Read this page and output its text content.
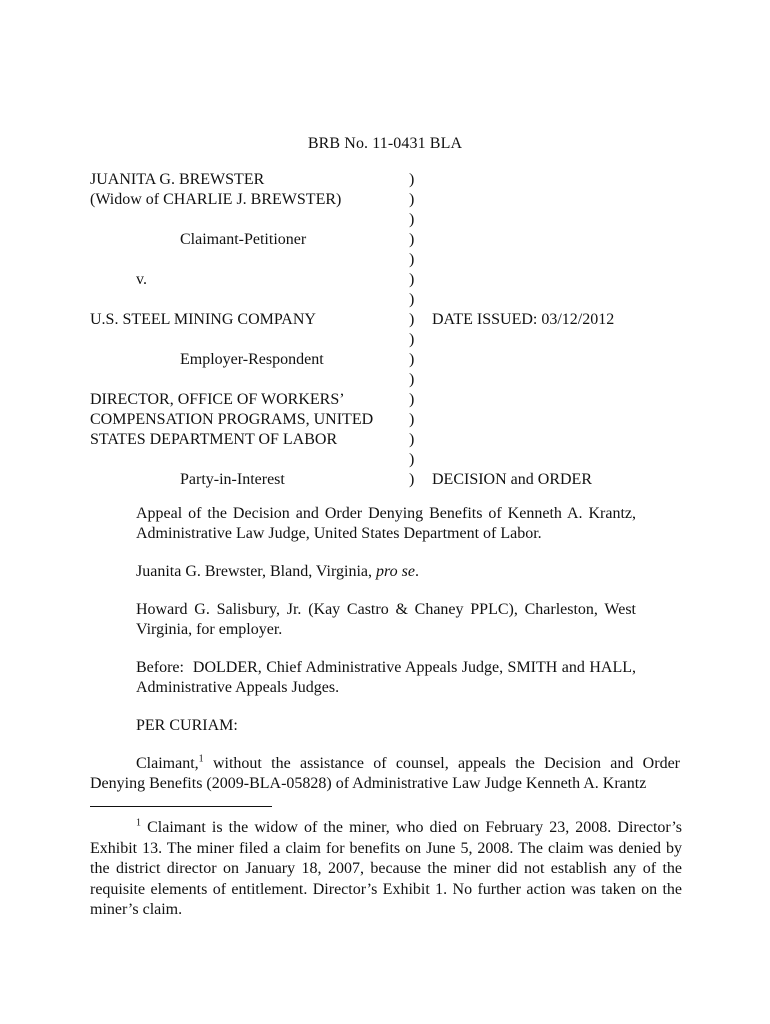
BRB No. 11-0431 BLA
JUANITA G. BREWSTER	)
(Widow of CHARLIE J. BREWSTER)	)
)
Claimant-Petitioner	)
)
v.	)
)
U.S. STEEL MINING COMPANY	) DATE ISSUED: 03/12/2012
)
Employer-Respondent	)
)
DIRECTOR, OFFICE OF WORKERS’	)
COMPENSATION PROGRAMS, UNITED )
STATES DEPARTMENT OF LABOR	)
)
Party-in-Interest	) DECISION and ORDER
Appeal of the Decision and Order Denying Benefits of Kenneth A. Krantz, Administrative Law Judge, United States Department of Labor.
Juanita G. Brewster, Bland, Virginia, pro se.
Howard G. Salisbury, Jr. (Kay Castro & Chaney PPLC), Charleston, West Virginia, for employer.
Before:  DOLDER, Chief Administrative Appeals Judge, SMITH and HALL, Administrative Appeals Judges.
PER CURIAM:
Claimant,$^1$ without the assistance of counsel, appeals the Decision and Order Denying Benefits (2009-BLA-05828) of Administrative Law Judge Kenneth A. Krantz
$^1$ Claimant is the widow of the miner, who died on February 23, 2008. Director’s Exhibit 13. The miner filed a claim for benefits on June 5, 2008. The claim was denied by the district director on January 18, 2007, because the miner did not establish any of the requisite elements of entitlement. Director’s Exhibit 1. No further action was taken on the miner’s claim.
